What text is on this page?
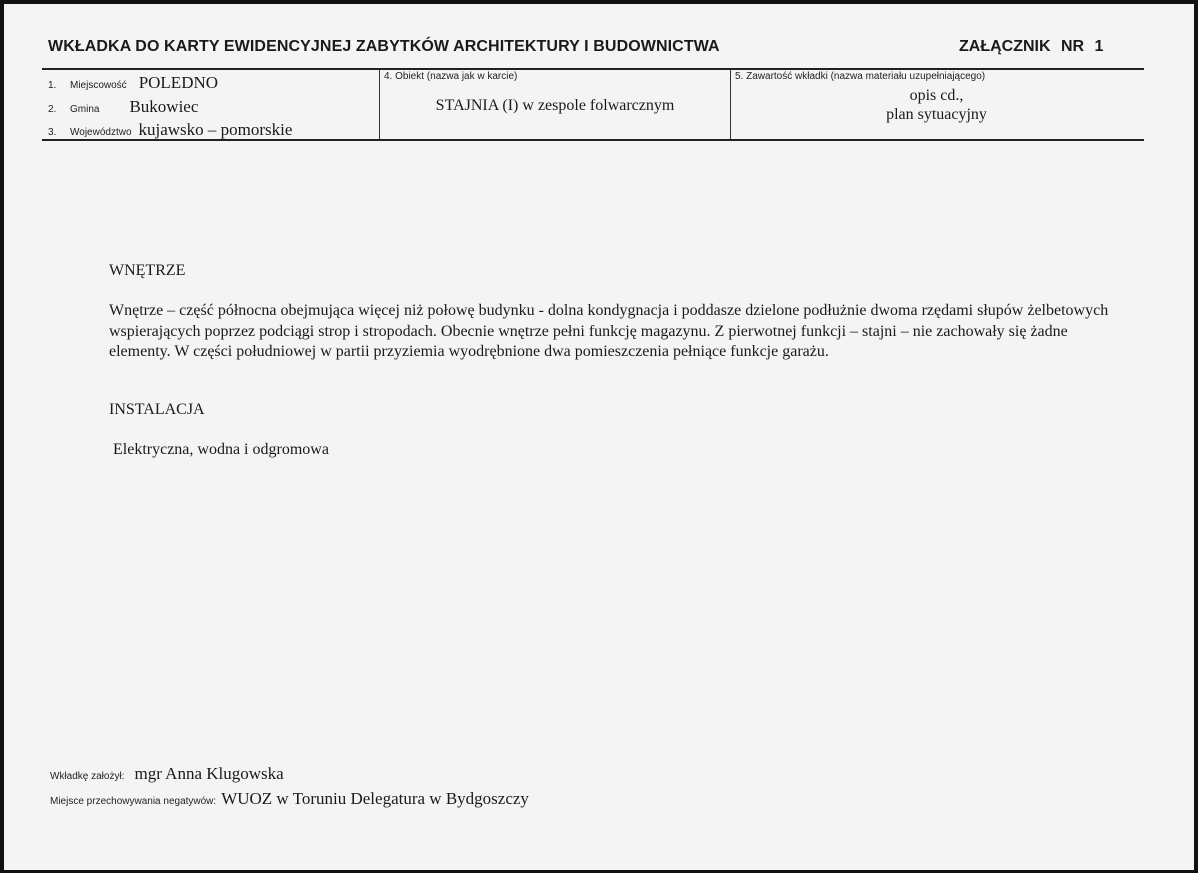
WKŁADKA DO KARTY EWIDENCYJNEJ ZABYTKÓW ARCHITEKTURY I BUDOWNICTWA	ZAŁĄCZNIK NR 1
1. Miejscowość POLEDNO
2. Gmina Bukowiec
3. Województwo kujawsko – pomorskie
4. Obiekt (nazwa jak w karcie)
STAJNIA (I) w zespole folwarcznym
5. Zawartość wkładki (nazwa materiału uzupełniającego)
opis cd.,
plan sytuacyjny
WNĘTRZE
Wnętrze – część północna obejmująca więcej niż połowę budynku - dolna kondygnacja i poddasze dzielone podłużnie dwoma rzędami słupów żelbetowych wspierających poprzez podciągi strop i stropodach. Obecnie wnętrze pełni funkcję magazynu. Z pierwotnej funkcji – stajni – nie zachowały się żadne elementy. W części południowej w partii przyziemia wyodrębnione dwa pomieszczenia pełniące funkcje garażu.
INSTALACJA
Elektryczna, wodna i odgromowa
Wkładkę założył: mgr Anna Klugowska
Miejsce przechowywania negatywów: WUOZ w Toruniu Delegatura w Bydgoszczy
